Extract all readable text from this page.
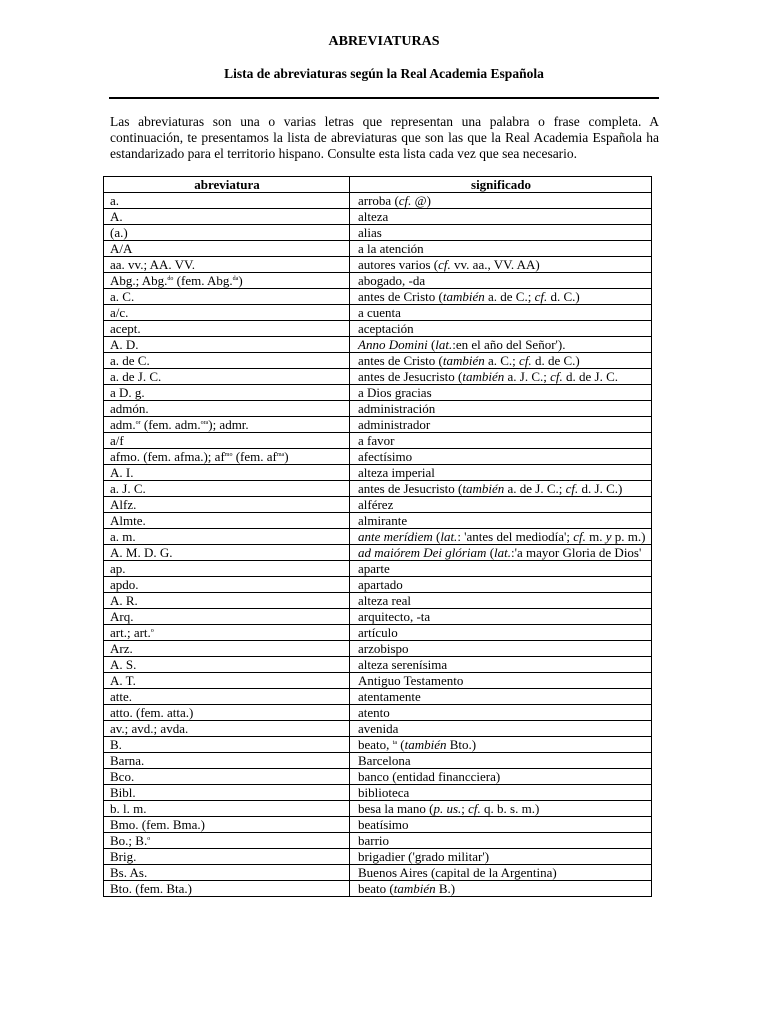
ABREVIATURAS
Lista de abreviaturas según la Real Academia Española
Las abreviaturas son una o varias letras que representan una palabra o frase completa. A continuación, te presentamos la lista de abreviaturas que son las que la Real Academia Española ha estandarizado para el territorio hispano. Consulte esta lista cada vez que sea necesario.
abreviatura	significado
a.	arroba (cf. @)
A.	alteza
(a.)	alias
A/A	a la atención
aa. vv.; AA. VV.	autores varios (cf. vv. aa., VV. AA)
Abg.; Abg.$^{do}$ (fem. Abg.$^{da}$)	abogado, -da
a. C.	antes de Cristo (también a. de C.; cf. d. C.)
a/c.	a cuenta
acept.	aceptación
A. D.	Anno Domini (lat.:en el año del Señor').
a. de C.	antes de Cristo (también a. C.; cf. d. de C.)
a. de J. C.	antes de Jesucristo (también a. J. C.; cf. d. de J. C.
a D. g.	a Dios gracias
admón.	administración
adm.$^{or}$ (fem. adm.$^{ora}$); admr.	administrador
a/f	a favor
afmo. (fem. afma.); $af^{mo}$ (fem. $af^{ma}$)	afectísimo
A. I.	alteza imperial
a. J. C.	antes de Jesucristo (también a. de J. C.; cf. d. J. C.)
Alfz.	alférez
Almte.	almirante
a. m.	ante merídiem (lat.: 'antes del mediodía'; cf. m. y p. m.)
A. M. D. G.	ad maiórem Dei glóriam (lat.:'a mayor Gloria de Dios'
ap.	aparte
apdo.	apartado
A. R.	alteza real
Arq.	arquitecto, -ta
art.; art.$^o$	artículo
Arz.	arzobispo
A. S.	alteza serenísima
A. T.	Antiguo Testamento
atte.	atentamente
atto. (fem. atta.)	atento
av.; avd.; avda.	avenida
B.	beato, $^{ta}$ (también Bto.)
Barna.	Barcelona
Bco.	banco (entidad financciera)
Bibl.	biblioteca
b. l. m.	besa la mano (p. us.; cf. q. b. s. m.)
Bmo. (fem. Bma.)	beatísimo
Bo.; B.$^o$	barrio
Brig.	brigadier ('grado militar')
Bs. As.	Buenos Aires (capital de la Argentina)
Bto. (fem. Bta.)	beato (también B.)
